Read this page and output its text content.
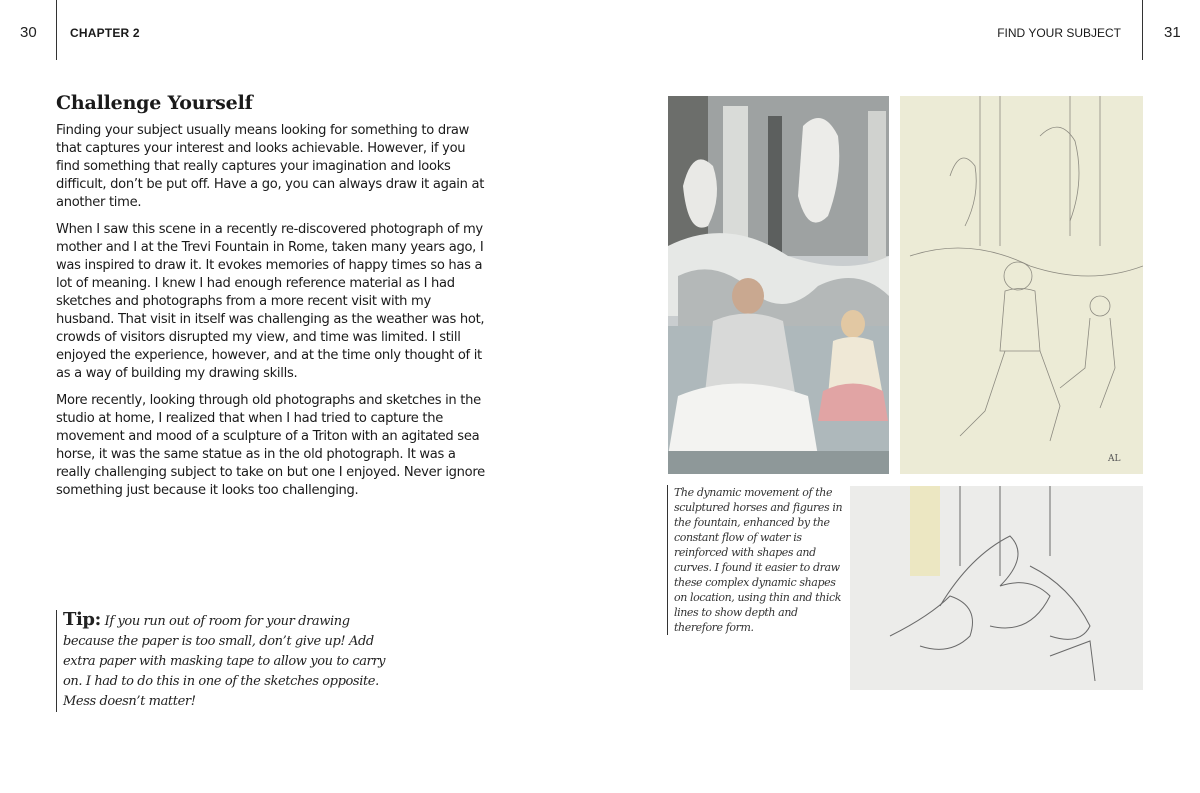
30	CHAPTER 2	FIND YOUR SUBJECT	31
Challenge Yourself

Finding your subject usually means looking for something to draw that captures your interest and looks achievable. However, if you find something that really captures your imagination and looks difficult, don’t be put off. Have a go, you can always draw it again at another time.

When I saw this scene in a recently re-discovered photograph of my mother and I at the Trevi Fountain in Rome, taken many years ago, I was inspired to draw it. It evokes memories of happy times so has a lot of meaning. I knew I had enough reference material as I had sketches and photographs from a more recent visit with my husband. That visit in itself was challenging as the weather was hot, crowds of visitors disrupted my view, and time was limited. I still enjoyed the experience, however, and at the time only thought of it as a way of building my drawing skills.

More recently, looking through old photographs and sketches in the studio at home, I realized that when I had tried to capture the movement and mood of a sculpture of a Triton with an agitated sea horse, it was the same statue as in the old photograph. It was a really challenging subject to take on but one I enjoyed. Never ignore something just because it looks too challenging.

Tip: If you run out of room for your drawing because the paper is too small, don’t give up! Add extra paper with masking tape to allow you to carry on. I had to do this in one of the sketches opposite. Mess doesn’t matter!
AL
The dynamic movement of the sculptured horses and figures in the fountain, enhanced by the constant flow of water is reinforced with shapes and curves. I found it easier to draw these complex dynamic shapes on location, using thin and thick lines to show depth and therefore form.
